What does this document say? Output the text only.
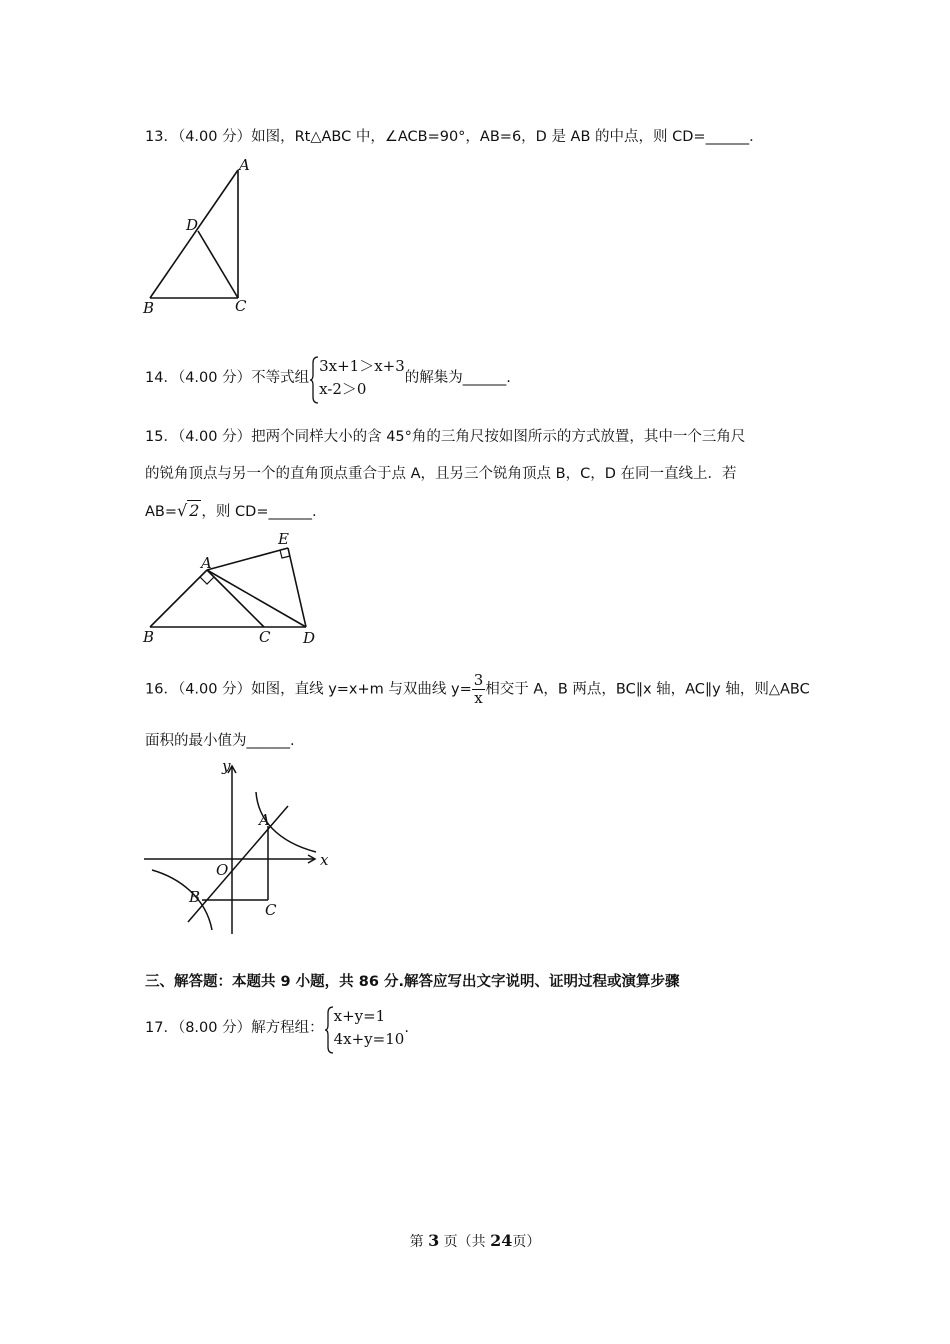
13．（4.00 分）如图，Rt△ABC 中，∠ACB=90°，AB=6，D 是 AB 的中点，则 CD=______．
A
D
B	C
14．（4.00 分）不等式组
3x+1＞x+3
x-2＞0
的解集为______.
15．（4.00 分）把两个同样大小的含 45°角的三角尺按如图所示的方式放置，其中一个三角尺
的锐角顶点与另一个的直角顶点重合于点 A，且另三个锐角顶点 B，C，D 在同一直线上．若
AB=√ 2 ，则 CD=______.
A
E
B	C D
16．（4.00 分）如图，直线 y=x+m 与双曲线 $y= \frac{3}{x}$ 相交于 A，B 两点，BC∥x 轴，AC∥y 轴，则△ABC
面积的最小值为______.
y
x
O
A
B
C
三、解答题：本题共 9 小题，共 86 分.解答应写出文字说明、证明过程或演算步骤
17．（8.00 分）解方程组：
x+y=1
4x+y=10
.
第 3 页（共 24页）
